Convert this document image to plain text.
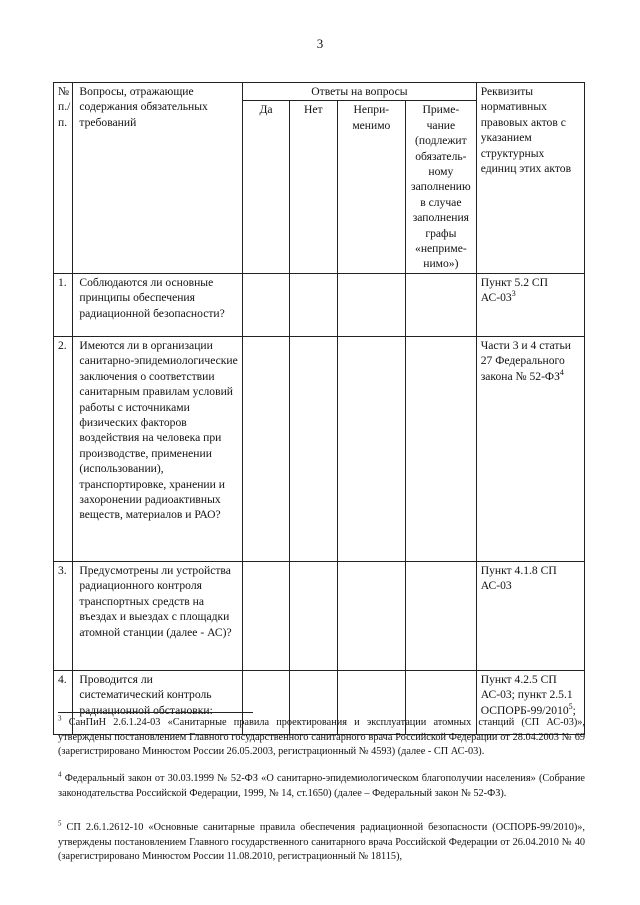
3
№ п./ п.	Вопросы, отражающие содержания обязательных требований	Ответы на вопросы				Реквизиты нормативных правовых актов с указанием структурных единиц этих актов
		Да	Нет	Непри- менимо	Приме- чание (подлежит обязатель- ному заполнению в случае заполнения графы «неприме- нимо»)	
1.	Соблюдаются ли основные принципы обеспечения радиационной безопасности?					Пункт 5.2 СП $АС-03^3$
2.	Имеются ли в организации санитарно-эпидемиологические заключения о соответствии санитарным правилам условий работы с источниками физических факторов воздействия на человека при производстве, применении (использовании), транспортировке, хранении и захоронении радиоактивных веществ, материалов и РАО?					Части 3 и 4 статьи 27 Федерального закона № $52-ФЗ^4$
3.	Предусмотрены ли устройства радиационного контроля транспортных средств на въездах и выездах с площадки атомной станции (далее - АС)?					Пункт 4.1.8 СП АС-03
4.	Проводится ли систематический контроль радиационной обстановки:					Пункт 4.2.5 СП АС-03; пункт 2.5.1 ОСПОРБ-99/2010$^5$;
$^3$ СанПиН 2.6.1.24-03 «Санитарные правила проектирования и эксплуатации атомных станций (СП АС-03)», утверждены постановлением Главного государственного санитарного врача Российской Федерации от 28.04.2003 № 69 (зарегистрировано Минюстом России 26.05.2003, регистрационный № 4593) (далее - СП АС-03).
$^4$ Федеральный закон от 30.03.1999 № 52-ФЗ «О санитарно-эпидемиологическом благополучии населения» (Собрание законодательства Российской Федерации, 1999, № 14, ст.1650) (далее – Федеральный закон № 52-ФЗ).
$^5$ СП 2.6.1.2612-10 «Основные санитарные правила обеспечения радиационной безопасности (ОСПОРБ-99/2010)», утверждены постановлением Главного государственного санитарного врача Российской Федерации от 26.04.2010 № 40 (зарегистрировано Минюстом России 11.08.2010, регистрационный № 18115),
